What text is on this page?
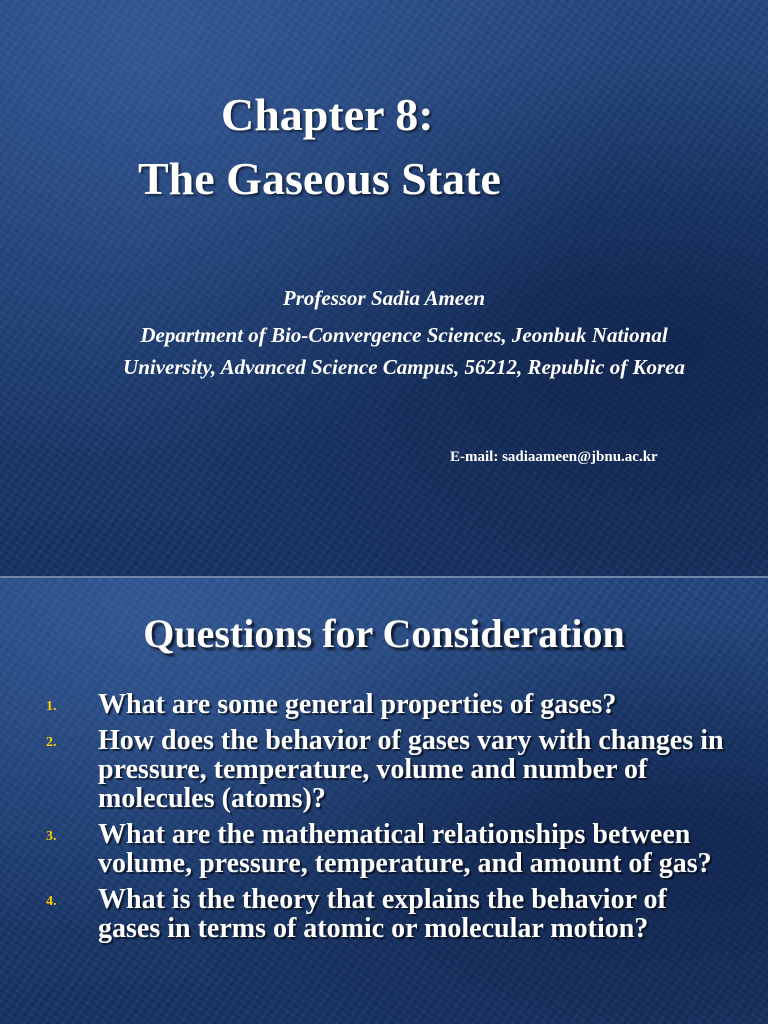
Chapter 8:
The Gaseous State
Professor Sadia Ameen
Department of Bio-Convergence Sciences, Jeonbuk National
University, Advanced Science Campus, 56212, Republic of Korea
E-mail: sadiaameen@jbnu.ac.kr
Questions for Consideration
1. What are some general properties of gases?
2. How does the behavior of gases vary with changes in pressure, temperature, volume and number of molecules (atoms)?
3. What are the mathematical relationships between volume, pressure, temperature, and amount of gas?
4. What is the theory that explains the behavior of gases in terms of atomic or molecular motion?
